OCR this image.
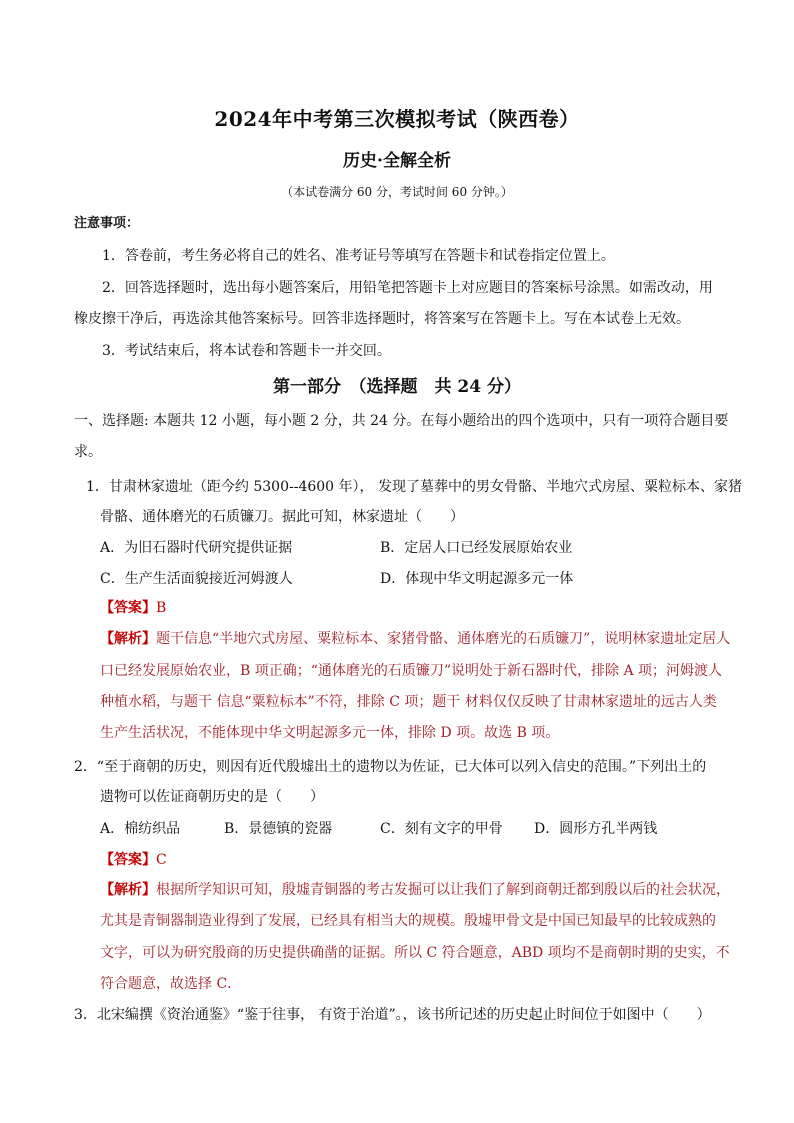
2024年中考第三次模拟考试（陕西卷）
历史·全解全析
（本试卷满分 60 分，考试时间 60 分钟。）
注意事项：
1．答卷前，考生务必将自己的姓名、准考证号等填写在答题卡和试卷指定位置上。
2．回答选择题时，选出每小题答案后，用铅笔把答题卡上对应题目的答案标号涂黑。如需改动，用
橡皮擦干净后，再选涂其他答案标号。回答非选择题时，将答案写在答题卡上。写在本试卷上无效。
3．考试结束后，将本试卷和答题卡一并交回。
第一部分　（选择题　共 24 分）
一、选择题: 本题共 12 小题，每小题 2 分，共 24 分。在每小题给出的四个选项中，只有一项符合题目要
求。
1．甘肃林家遗址（距今约 5300--4600 年）， 发现了墓葬中的男女骨骼、半地穴式房屋、粟粒标本、家猪
骨骼、通体磨光的石质镰刀。据此可知，林家遗址（　　）
A．为旧石器时代研究提供证据	B．定居人口已经发展原始农业
C．生产生活面貌接近河姆渡人	D．体现中华文明起源多元一体
【答案】B
【解析】题干信息“半地穴式房屋、粟粒标本、家猪骨骼、通体磨光的石质镰刀”，说明林家遗址定居人
口已经发展原始农业，B 项正确；“通体磨光的石质镰刀”说明处于新石器时代，排除 A 项；河姆渡人
种植水稻，与题干 信息“粟粒标本”不符，排除 C 项；题干 材料仅仅反映了甘肃林家遗址的远古人类
生产生活状况，不能体现中华文明起源多元一体，排除 D 项。故选 B 项。
2．“至于商朝的历史，则因有近代殷墟出土的遗物以为佐证，已大体可以列入信史的范围。”下列出土的
遗物可以佐证商朝历史的是（　　）
A．棉纺织品	B．景德镇的瓷器	C．刻有文字的甲骨 D．圆形方孔半两钱
【答案】C
【解析】根据所学知识可知，殷墟青铜器的考古发掘可以让我们了解到商朝迁都到殷以后的社会状况，
尤其是青铜器制造业得到了发展，已经具有相当大的规模。殷墟甲骨文是中国已知最早的比较成熟的
文字，可以为研究殷商的历史提供确凿的证据。所以 C 符合题意，ABD 项均不是商朝时期的史实，不
符合题意，故选择 C．
3．北宋编撰《资治通鉴》“鉴于往事， 有资于治道”。，该书所记述的历史起止时间位于如图中（　　）
